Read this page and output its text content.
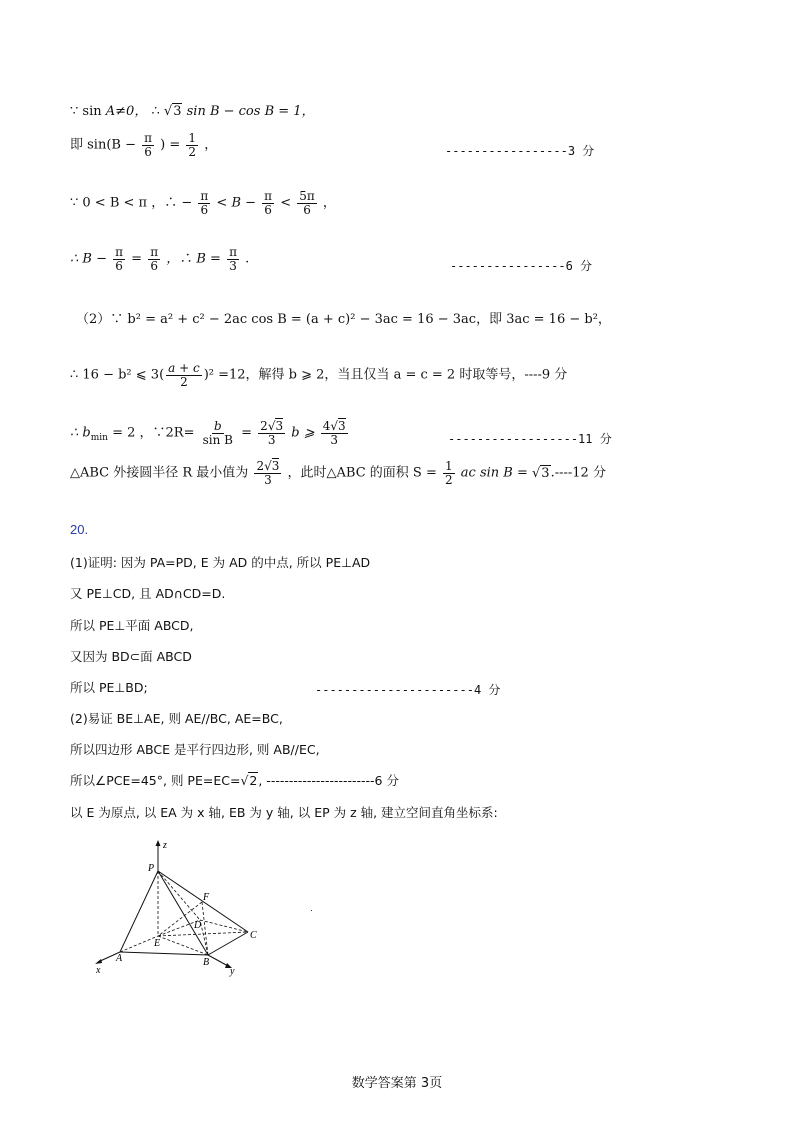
∵ sin A≠0， ∴ √3 sin B − cos B = 1，
即 $\sin(B - \frac{\pi}{6}$ ) = $\frac{1}{2}$ ，	-----------------3 分
∵ 0 < B < π ，∴ − $\frac{\pi}{6} < B - \frac{\pi}{6} < \frac{5\pi}{6}$ ，
∴ $B - \frac{\pi}{6} = \frac{\pi}{6}$ ，∴ $B = \frac{\pi}{3}$ .	----------------6 分
（2）∵ b² = a² + c² − 2ac cos B = (a + c)² − 3ac = 16 − 3ac，即 3ac = 16 − b²，
∴ 16 − b² ⩽ $3( \frac{a + c}{2} )^2 =12$，解得 b ⩾ 2，当且仅当 a = c = 2 时取等号，----9 分
∴ $b_{min} = 2$ ，∵2R= $\frac{b}{\text{sin B}} = \frac{2√3}{3}$ b ⩾ $\frac{4√3}{3}$	------------------11 分
△ABC 外接圆半径 R 最小值为 $\frac{2√3}{3}$ ，此时△ABC 的面积 $S = \frac{1}{2}$ ac sin B = √3.----12 分
20.
(1)证明: 因为 PA=PD, E 为 AD 的中点, 所以 PE⊥AD
又 PE⊥CD, 且 AD∩CD=D.
所以 PE⊥平面 ABCD,
又因为 BD⊂面 ABCD
所以 PE⊥BD;	----------------------4 分
(2)易证 BE⊥AE, 则 AE//BC, AE=BC,
所以四边形 ABCE 是平行四边形, 则 AB//EC,
所以∠PCE=45°, 则 PE=EC=√2, ------------------------6 分
以 E 为原点, 以 EA 为 x 轴, EB 为 y 轴, 以 EP 为 z 轴, 建立空间直角坐标系:
z
P
F
D
C
E
A	B
x	y
数学答案第 3页
